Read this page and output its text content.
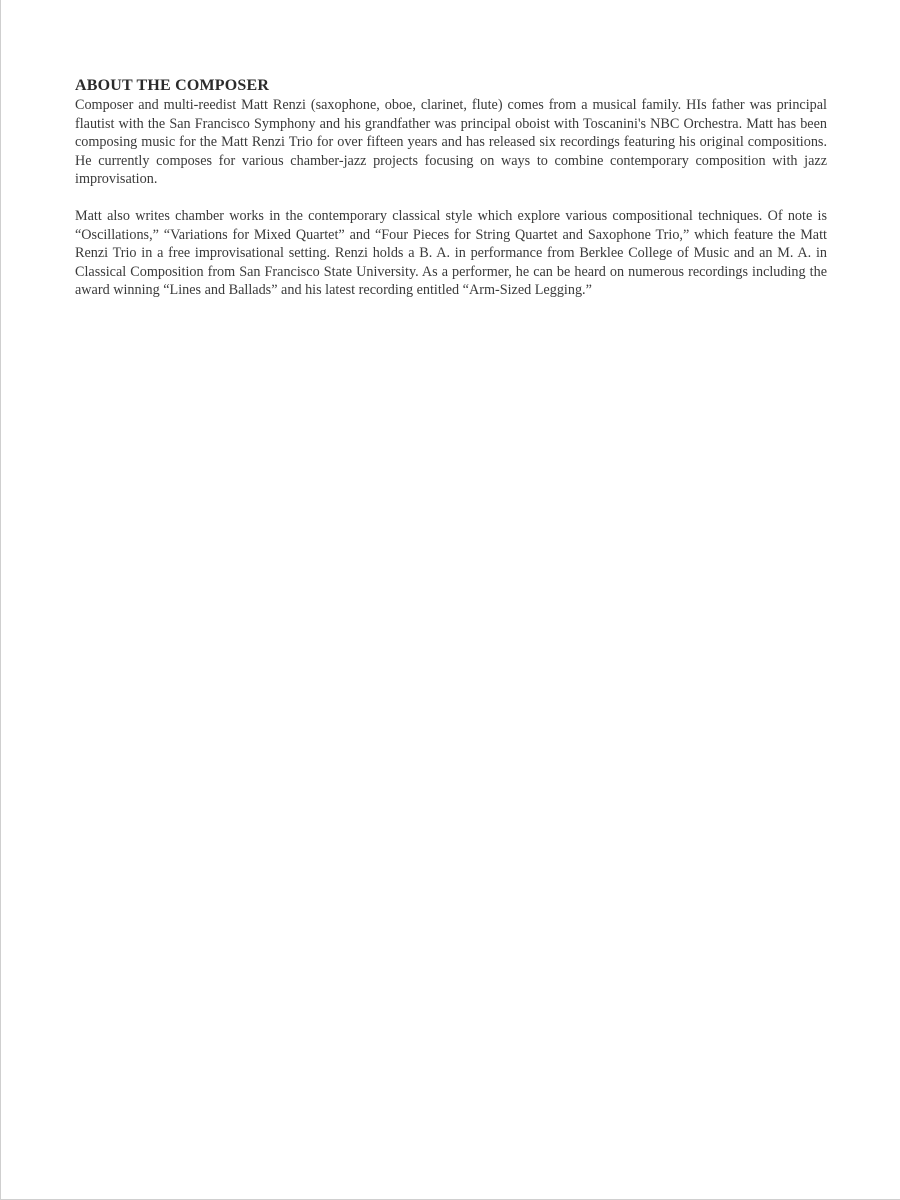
ABOUT THE COMPOSER

Composer and multi-reedist Matt Renzi (saxophone, oboe, clarinet, flute) comes from a musical family. HIs father was principal flautist with the San Francisco Symphony and his grandfather was principal oboist with Toscanini's NBC Orchestra. Matt has been composing music for the Matt Renzi Trio for over fifteen years and has released six recordings featuring his original compositions. He currently composes for various chamber-jazz projects focusing on ways to combine contemporary composition with jazz improvisation.

Matt also writes chamber works in the contemporary classical style which explore various compositional techniques. Of note is “Oscillations,” “Variations for Mixed Quartet” and “Four Pieces for String Quartet and Saxophone Trio,” which feature the Matt Renzi Trio in a free improvisational setting. Renzi holds a B. A. in performance from Berklee College of Music and an M. A. in Classical Composition from San Francisco State University. As a performer, he can be heard on numerous recordings including the award winning “Lines and Ballads” and his latest recording entitled “Arm-Sized Legging.”
